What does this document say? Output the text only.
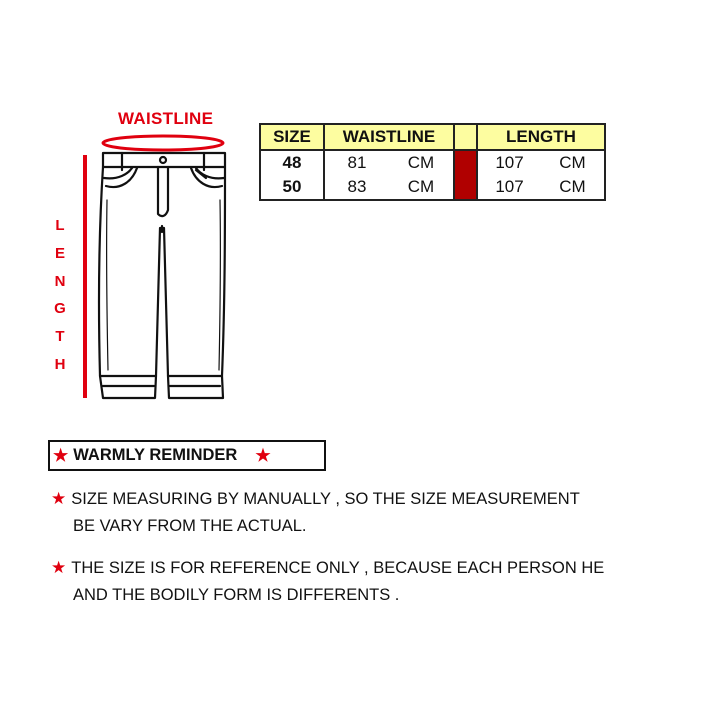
WAISTLINE
L
E
N
G
T
H
SIZE	WAISTLINE			LENGTH	
48	81	CM		107	CM
50	83	CM		107	CM
★ WARMLY REMINDER ★
★ SIZE MEASURING BY MANUALLY , SO THE SIZE MEASUREMENT
BE VARY FROM THE ACTUAL.
★ THE SIZE IS FOR REFERENCE ONLY , BECAUSE EACH PERSON HE
AND THE BODILY FORM IS DIFFERENTS .
